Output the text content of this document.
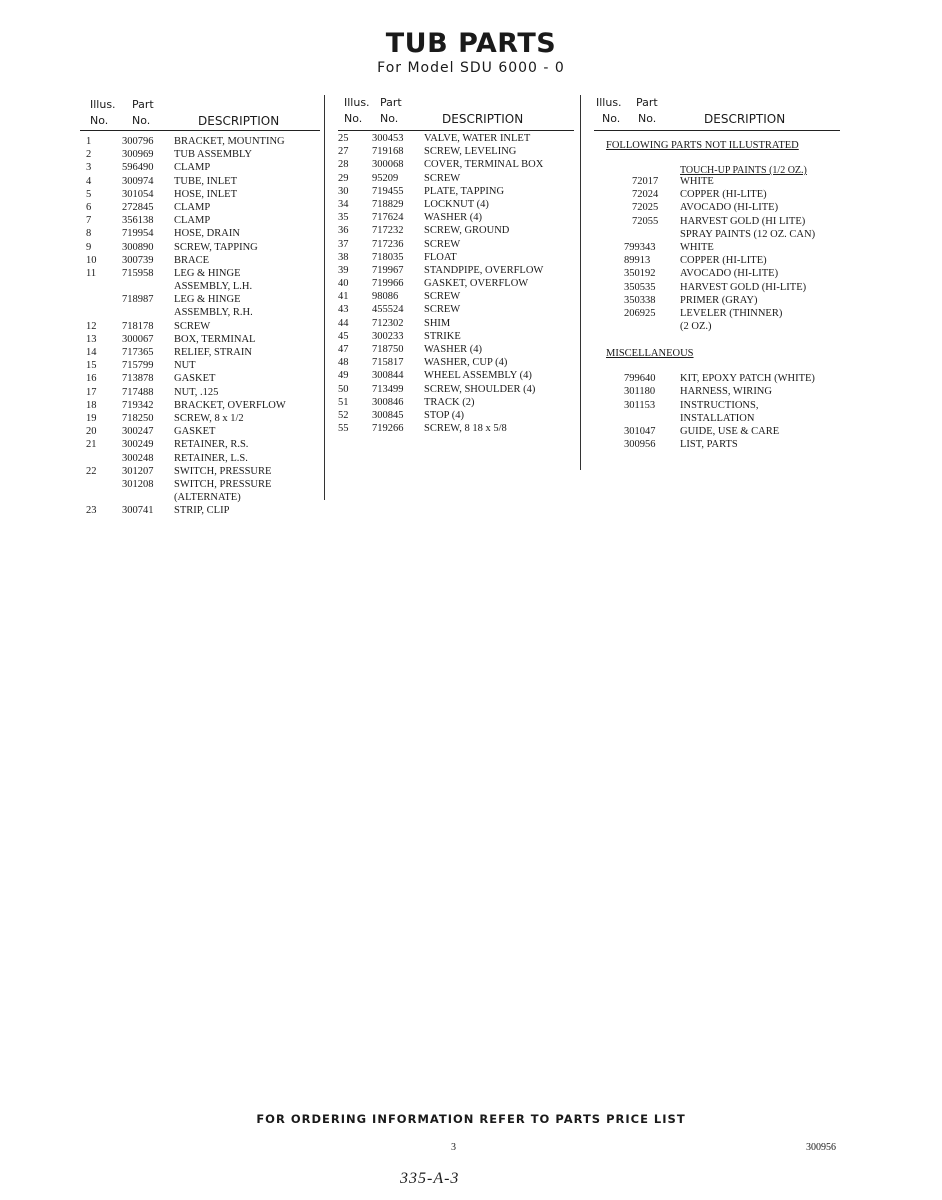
TUB PARTS
For Model SDU 6000 - 0
Illus. Part
No. No.	DESCRIPTION
1	300796 BRACKET, MOUNTING
2	300969 TUB ASSEMBLY
3	596490 CLAMP
4	300974 TUBE, INLET
5	301054 HOSE, INLET
6	272845 CLAMP
7	356138 CLAMP
8	719954 HOSE, DRAIN
9	300890 SCREW, TAPPING
10 300739 BRACE
11 715958 LEG & HINGE
ASSEMBLY, L.H.
718987 LEG & HINGE
ASSEMBLY, R.H.
12 718178 SCREW
13 300067 BOX, TERMINAL
14 717365 RELIEF, STRAIN
15 715799 NUT
16 713878 GASKET
17 717488 NUT, .125
18 719342 BRACKET, OVERFLOW
19 718250 SCREW, 8 x 1/2
20 300247 GASKET
21 300249 RETAINER, R.S.
300248 RETAINER, L.S.
22 301207 SWITCH, PRESSURE
301208 SWITCH, PRESSURE
(ALTERNATE)
23 300741 STRIP, CLIP
Illus. Part
No. No.	DESCRIPTION
25 300453 VALVE, WATER INLET
27 719168 SCREW, LEVELING
28 300068 COVER, TERMINAL BOX
29 95209 SCREW
30 719455 PLATE, TAPPING
34 718829 LOCKNUT (4)
35 717624 WASHER (4)
36 717232 SCREW, GROUND
37 717236 SCREW
38 718035 FLOAT
39 719967 STANDPIPE, OVERFLOW
40 719966 GASKET, OVERFLOW
41 98086 SCREW
43 455524 SCREW
44 712302 SHIM
45 300233 STRIKE
47 718750 WASHER (4)
48 715817 WASHER, CUP (4)
49 300844 WHEEL ASSEMBLY (4)
50 713499 SCREW, SHOULDER (4)
51 300846 TRACK (2)
52 300845 STOP (4)
55 719266 SCREW, 8 18 x 5/8
Illus. Part
No. No.	DESCRIPTION
FOLLOWING PARTS NOT ILLUSTRATED
TOUCH-UP PAINTS (1/2 OZ.)
72017 WHITE
72024 COPPER (HI-LITE)
72025 AVOCADO (HI-LITE)
72055 HARVEST GOLD (HI LITE)
SPRAY PAINTS (12 OZ. CAN)
799343 WHITE
89913	COPPER (HI-LITE)
350192 AVOCADO (HI-LITE)
350535 HARVEST GOLD (HI-LITE)
350338 PRIMER (GRAY)
206925 LEVELER (THINNER)
(2 OZ.)
MISCELLANEOUS
799640 KIT, EPOXY PATCH (WHITE)
301180 HARNESS, WIRING
301153 INSTRUCTIONS,
INSTALLATION
301047 GUIDE, USE & CARE
300956 LIST, PARTS
FOR ORDERING INFORMATION REFER TO PARTS PRICE LIST
3	300956
335-A-3
